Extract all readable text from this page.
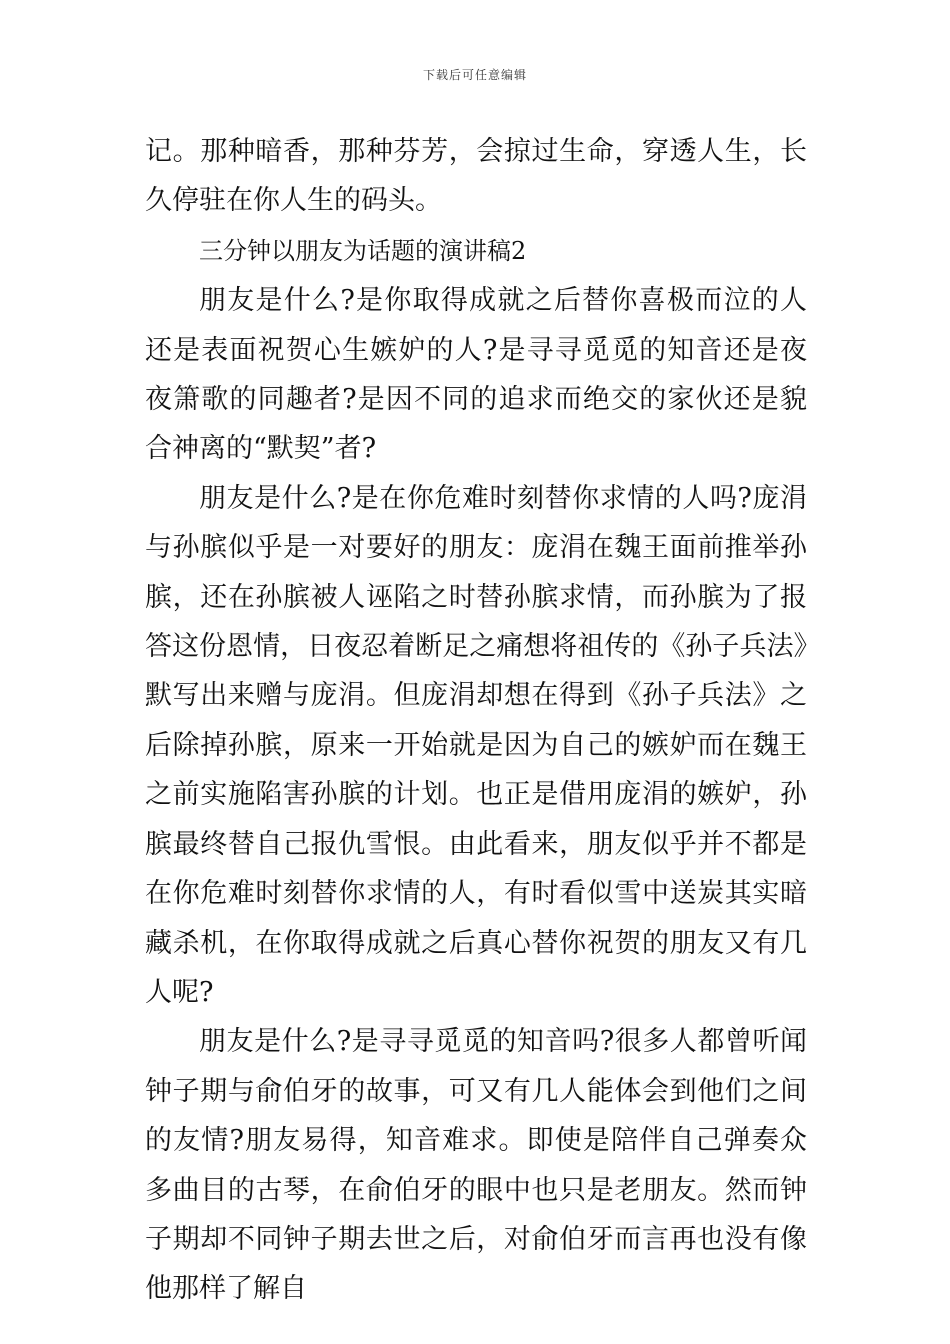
下载后可任意编辑

记。那种暗香，那种芬芳，会掠过生命，穿透人生，长久停驻在你人生的码头。

三分钟以朋友为话题的演讲稿2

朋友是什么?是你取得成就之后替你喜极而泣的人还是表面祝贺心生嫉妒的人?是寻寻觅觅的知音还是夜夜箫歌的同趣者?是因不同的追求而绝交的家伙还是貌合神离的“默契”者?

朋友是什么?是在你危难时刻替你求情的人吗?庞涓与孙膑似乎是一对要好的朋友：庞涓在魏王面前推举孙膑，还在孙膑被人诬陷之时替孙膑求情，而孙膑为了报答这份恩情，日夜忍着断足之痛想将祖传的《孙子兵法》默写出来赠与庞涓。但庞涓却想在得到《孙子兵法》之后除掉孙膑，原来一开始就是因为自己的嫉妒而在魏王之前实施陷害孙膑的计划。也正是借用庞涓的嫉妒，孙膑最终替自己报仇雪恨。由此看来，朋友似乎并不都是在你危难时刻替你求情的人，有时看似雪中送炭其实暗藏杀机，在你取得成就之后真心替你祝贺的朋友又有几人呢?

朋友是什么?是寻寻觅觅的知音吗?很多人都曾听闻钟子期与俞伯牙的故事，可又有几人能体会到他们之间的友情?朋友易得，知音难求。即使是陪伴自己弹奏众多曲目的古琴，在俞伯牙的眼中也只是老朋友。然而钟子期却不同钟子期去世之后，对俞伯牙而言再也没有像他那样了解自
